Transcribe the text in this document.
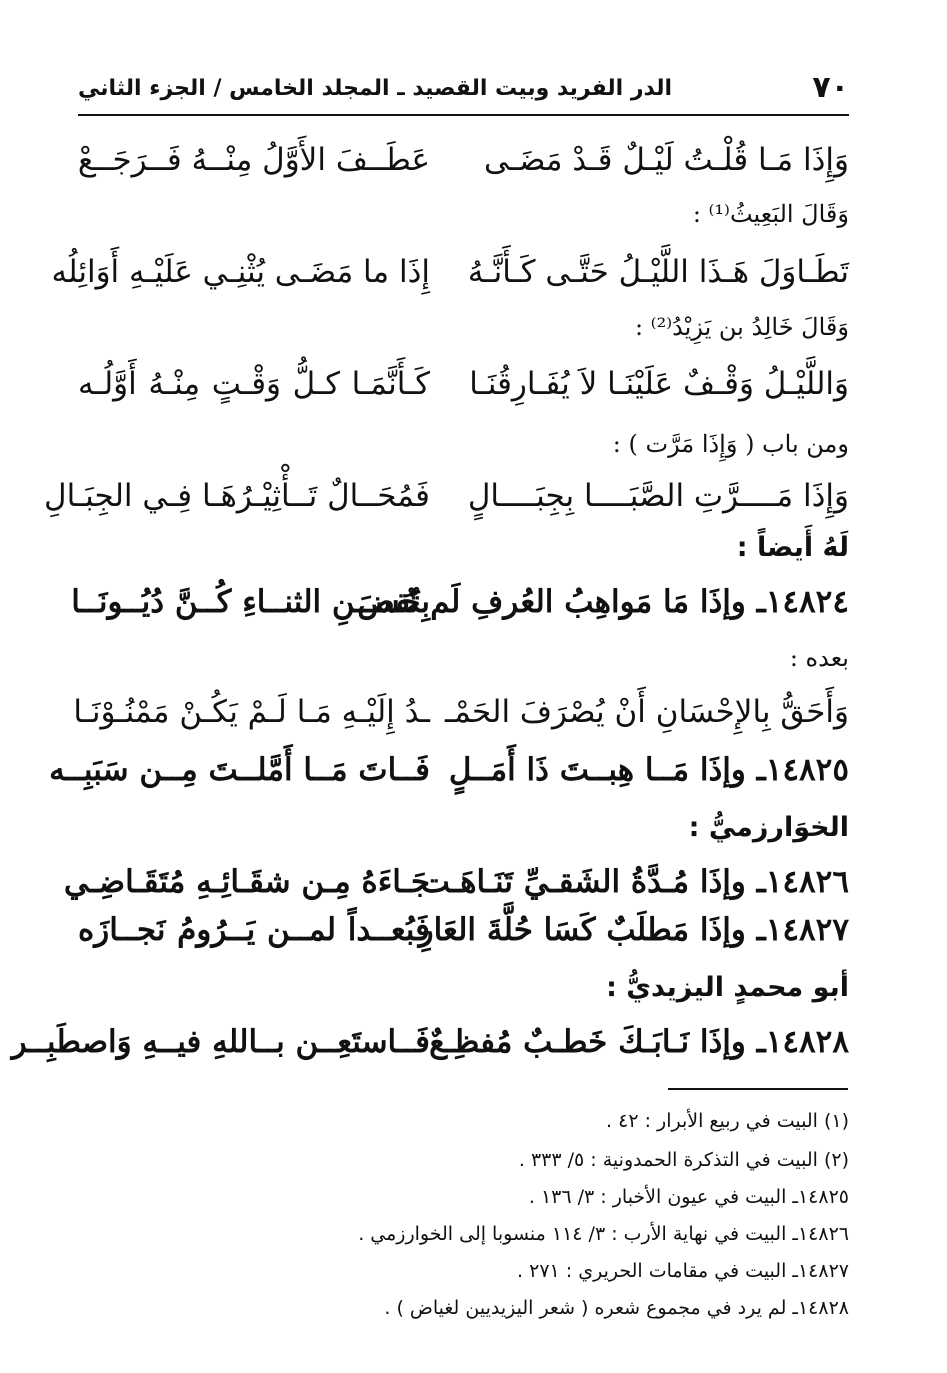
٧٠
الدر الفريد وبيت القصيد ـ المجلد الخامس / الجزء الثاني
وَإِذَا مَـا قُلْـتُ لَيْـلٌ قَـدْ مَضَـى
عَطَــفَ الأَوَّلُ مِنْــهُ فَــرَجَــعْ
وَقَالَ البَعِيثُ⁽¹⁾ :
تَطَـاوَلَ هَـذَا اللَّيْـلُ حَتَّـى كَـأَنَّـهُ
إِذَا ما مَضَـى يُثْنِـي عَلَيْـهِ أَوَائِلُه
وَقَالَ خَالِدُ بن يَزِيْدُ⁽²⁾ :
وَاللَّيْـلُ وَقْـفٌ عَلَيْنَـا لاَ يُفَـارِقُنَـا
كَـأَنَّمَـا كـلُّ وَقْـتٍ مِنْـهُ أَوَّلُـه
ومن باب ( وَإِذَا مَرَّت ) :
وَإِذَا مَــــرَّتِ الصَّبَــــا بِجِبَــــالٍ
فَمُحَــالٌ تَــأْثِيْـرُهَـا فِـي الجِبَـالِ
لَهُ أَيضاً :
١٤٨٢٤ـ وإذَا مَا مَواهِبُ العُرفِ لَم تُقضَ
بِحُســنِ الثنــاءِ كُــنَّ دُيُــونَــا
بعده :
وَأَحَقُّ بِالإِحْسَانِ أَنْ يُصْرَفَ الحَمْـ
ـدُ إِلَيْـهِ مَـا لَـمْ يَكُـنْ مَمْنُـوْنَـا
١٤٨٢٥ـ وإذَا مَــا هِبــتَ ذَا أَمَــلٍ
فَــاتَ مَــا أَمَّلــتَ مِــن سَبَبِــه
الخوَارزميُّ :
١٤٨٢٦ـ وإذَا مُـدَّةُ الشَقـيِّ تَنَـاهَـت
جَـاءَهُ مِـن شقَـائِـهِ مُتَقَـاضِـي
١٤٨٢٧ـ وإذَا مَطلَبٌ كَسَا حُلَّةَ العَارِ
فَبُعــداً لمــن يَــرُومُ نَجــازَه
أبو محمدٍ اليزيديُّ :
١٤٨٢٨ـ وإذَا نَـابَـكَ خَطـبٌ مُفظِـعٌ
فَــاستَعِــن بــاللهِ فيــهِ وَاصطَبِــر
(١) البيت في ربيع الأبرار : ٤٢ .
(٢) البيت في التذكرة الحمدونية : ٥/ ٣٣٣ .
١٤٨٢٥ـ البيت في عيون الأخبار : ٣/ ١٣٦ .
١٤٨٢٦ـ البيت في نهاية الأرب : ٣/ ١١٤ منسوبا إلى الخوارزمي .
١٤٨٢٧ـ البيت في مقامات الحريري : ٢٧١ .
١٤٨٢٨ـ لم يرد في مجموع شعره ( شعر اليزيديين لغياض ) .
